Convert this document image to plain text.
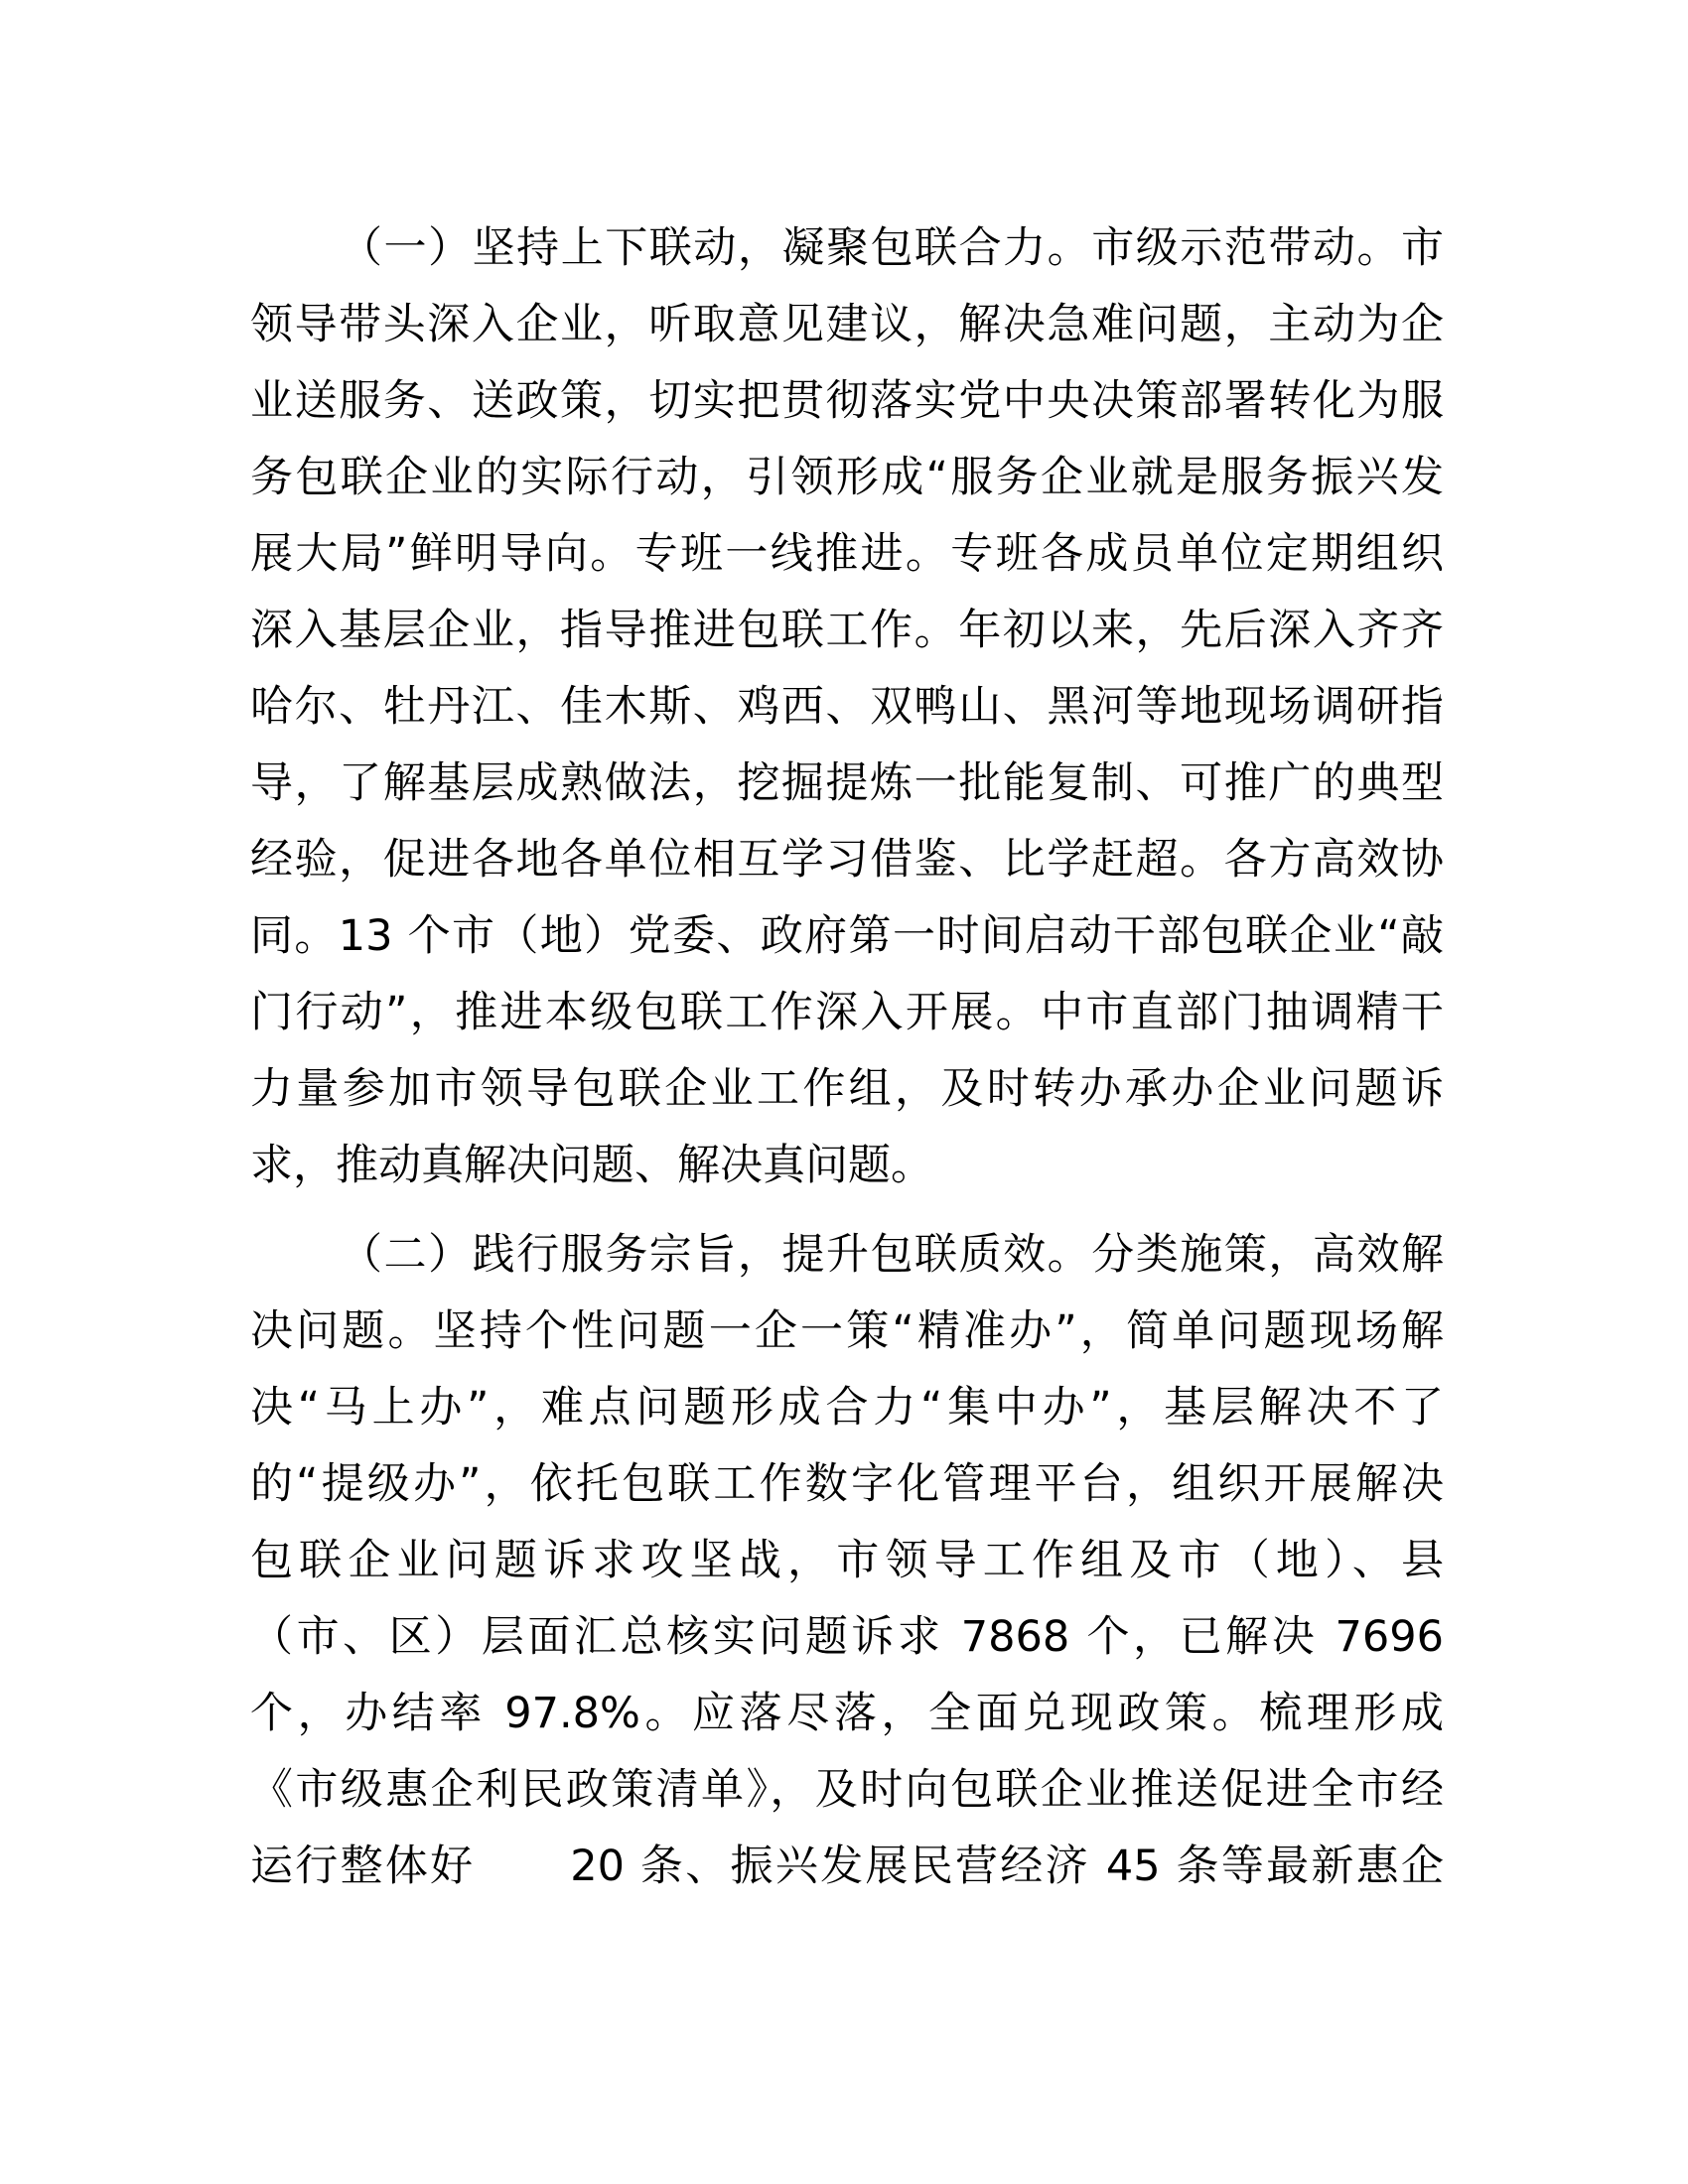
（一）坚持上下联动，凝聚包联合力。市级示范带动。市
领导带头深入企业，听取意见建议，解决急难问题，主动为企
业送服务、送政策，切实把贯彻落实党中央决策部署转化为服
务包联企业的实际行动，引领形成“服务企业就是服务振兴发
展大局”鲜明导向。专班一线推进。专班各成员单位定期组织
深入基层企业，指导推进包联工作。年初以来，先后深入齐齐
哈尔、牡丹江、佳木斯、鸡西、双鸭山、黑河等地现场调研指
导，了解基层成熟做法，挖掘提炼一批能复制、可推广的典型
经验，促进各地各单位相互学习借鉴、比学赶超。各方高效协
同。13 个市（地）党委、政府第一时间启动干部包联企业“敲
门行动”，推进本级包联工作深入开展。中市直部门抽调精干
力量参加市领导包联企业工作组，及时转办承办企业问题诉
求，推动真解决问题、解决真问题。
（二）践行服务宗旨，提升包联质效。分类施策，高效解
决问题。坚持个性问题一企一策“精准办”，简单问题现场解
决“马上办”，难点问题形成合力“集中办”，基层解决不了
的“提级办”，依托包联工作数字化管理平台，组织开展解决
包联企业问题诉求攻坚战，市领导工作组及市（地）、县
（市、区）层面汇总核实问题诉求 7868 个，已解决 7696
个，办结率 97.8%。应落尽落，全面兑现政策。梳理形成
《市级惠企利民政策清单》，及时向包联企业推送促进全市经
运行整体好      20 条、振兴发展民营经济 45 条等最新惠企
